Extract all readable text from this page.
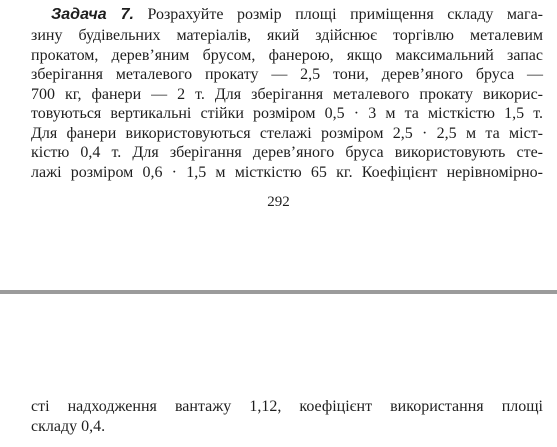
Задача 7. Розрахуйте розмір площі приміщення складу мага-
зину будівельних матеріалів, який здійснює торгівлю металевим
прокатом, дерев’яним брусом, фанерою, якщо максимальний запас
зберігання металевого прокату — 2,5 тони, дерев’яного бруса —
700 кг, фанери — 2 т. Для зберігання металевого прокату викорис-
товуються вертикальні стійки розміром 0,5 · 3 м та місткістю 1,5 т.
Для фанери використовуються стелажі розміром 2,5 · 2,5 м та міст-
кістю 0,4 т. Для зберігання дерев’яного бруса використовують сте-
лажі розміром 0,6 · 1,5 м місткістю 65 кг. Коефіцієнт нерівномірно-
292
сті надходження вантажу 1,12, коефіцієнт використання площі
складу 0,4.
